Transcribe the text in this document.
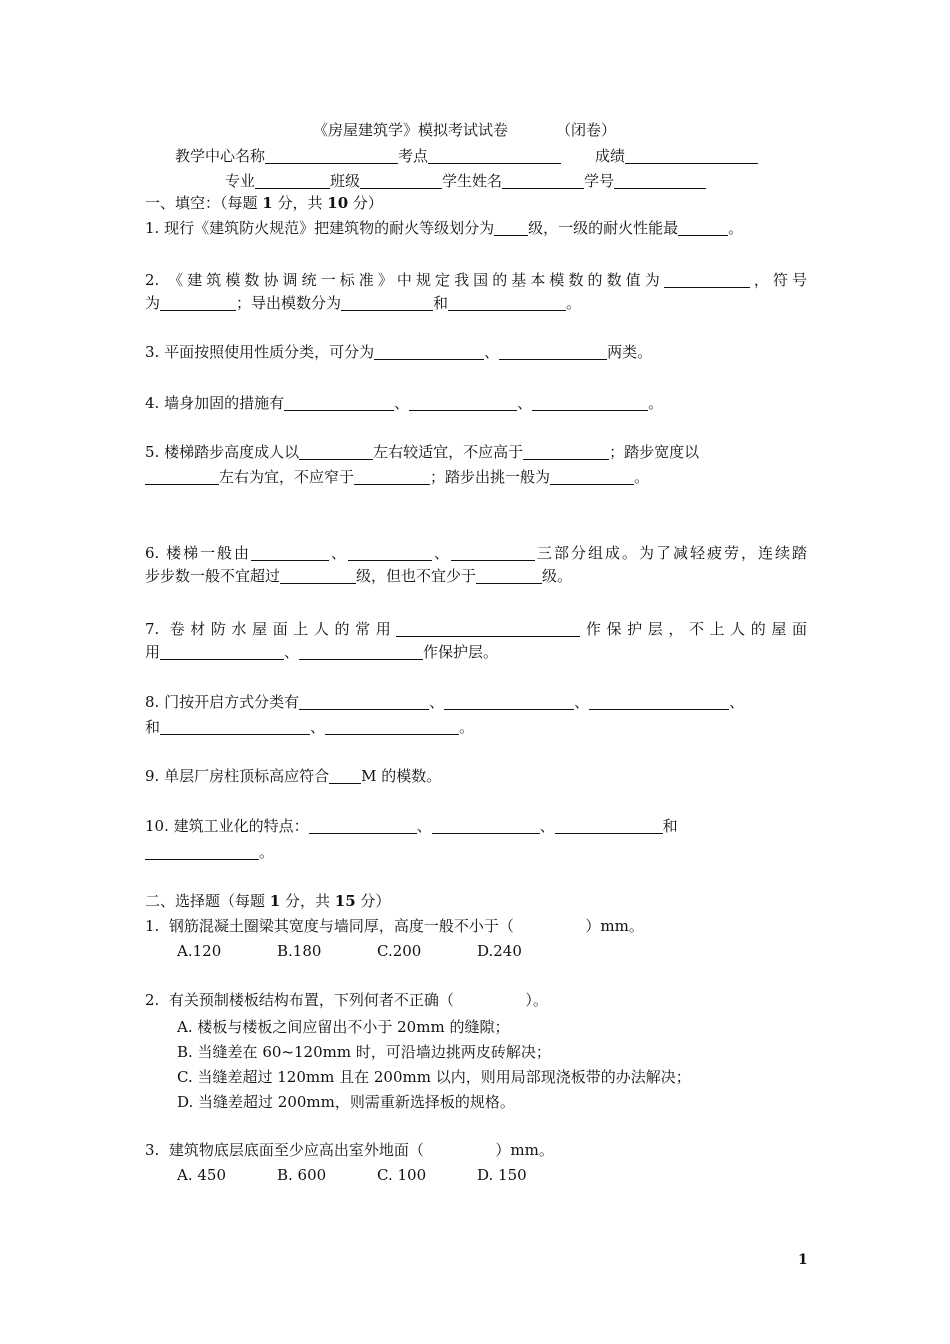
《房屋建筑学》模拟考试试卷	（闭卷）
教学中心名称	考点	成绩
专业	班级	学生姓名	学号
一、填空：（每题 1 分，共 10 分）
1. 现行《建筑防火规范》把建筑物的耐火等级划分为 级，一级的耐火性能最	。
2. 《建筑模数协调统一标准》中规定我国的基本模数的数值为	，符号
为	；导出模数分为	和	。
3. 平面按照使用性质分类，可分为	、	两类。
4. 墙身加固的措施有	、	、	。
5. 楼梯踏步高度成人以	左右较适宜，不应高于	；踏步宽度以
左右为宜，不应窄于	；踏步出挑一般为	。
6. 楼梯一般由	、	、	三部分组成。为了减轻疲劳，连续踏
步步数一般不宜超过	级，但也不宜少于	级。
7. 卷材防水屋面上人的常用	作保护层，不上人的屋面
用	、	作保护层。
8. 门按开启方式分类有	、	、	、
和	、	。
9. 单层厂房柱顶标高应符合 M 的模数。
10. 建筑工业化的特点：	、	、	和
。
二、选择题（每题 1 分，共 15 分）
1.  钢筋混凝土圈梁其宽度与墙同厚，高度一般不小于（               ）mm。
A.120	B.180	C.200	D.240
2.  有关预制楼板结构布置，下列何者不正确（               ）。
A. 楼板与楼板之间应留出不小于 20mm 的缝隙；
B. 当缝差在 60~120mm 时，可沿墙边挑两皮砖解决；
C. 当缝差超过 120mm 且在 200mm 以内，则用局部现浇板带的办法解决；
D. 当缝差超过 200mm，则需重新选择板的规格。
3.  建筑物底层底面至少应高出室外地面（               ）mm。
A. 450	B. 600	C. 100	D. 150
1
